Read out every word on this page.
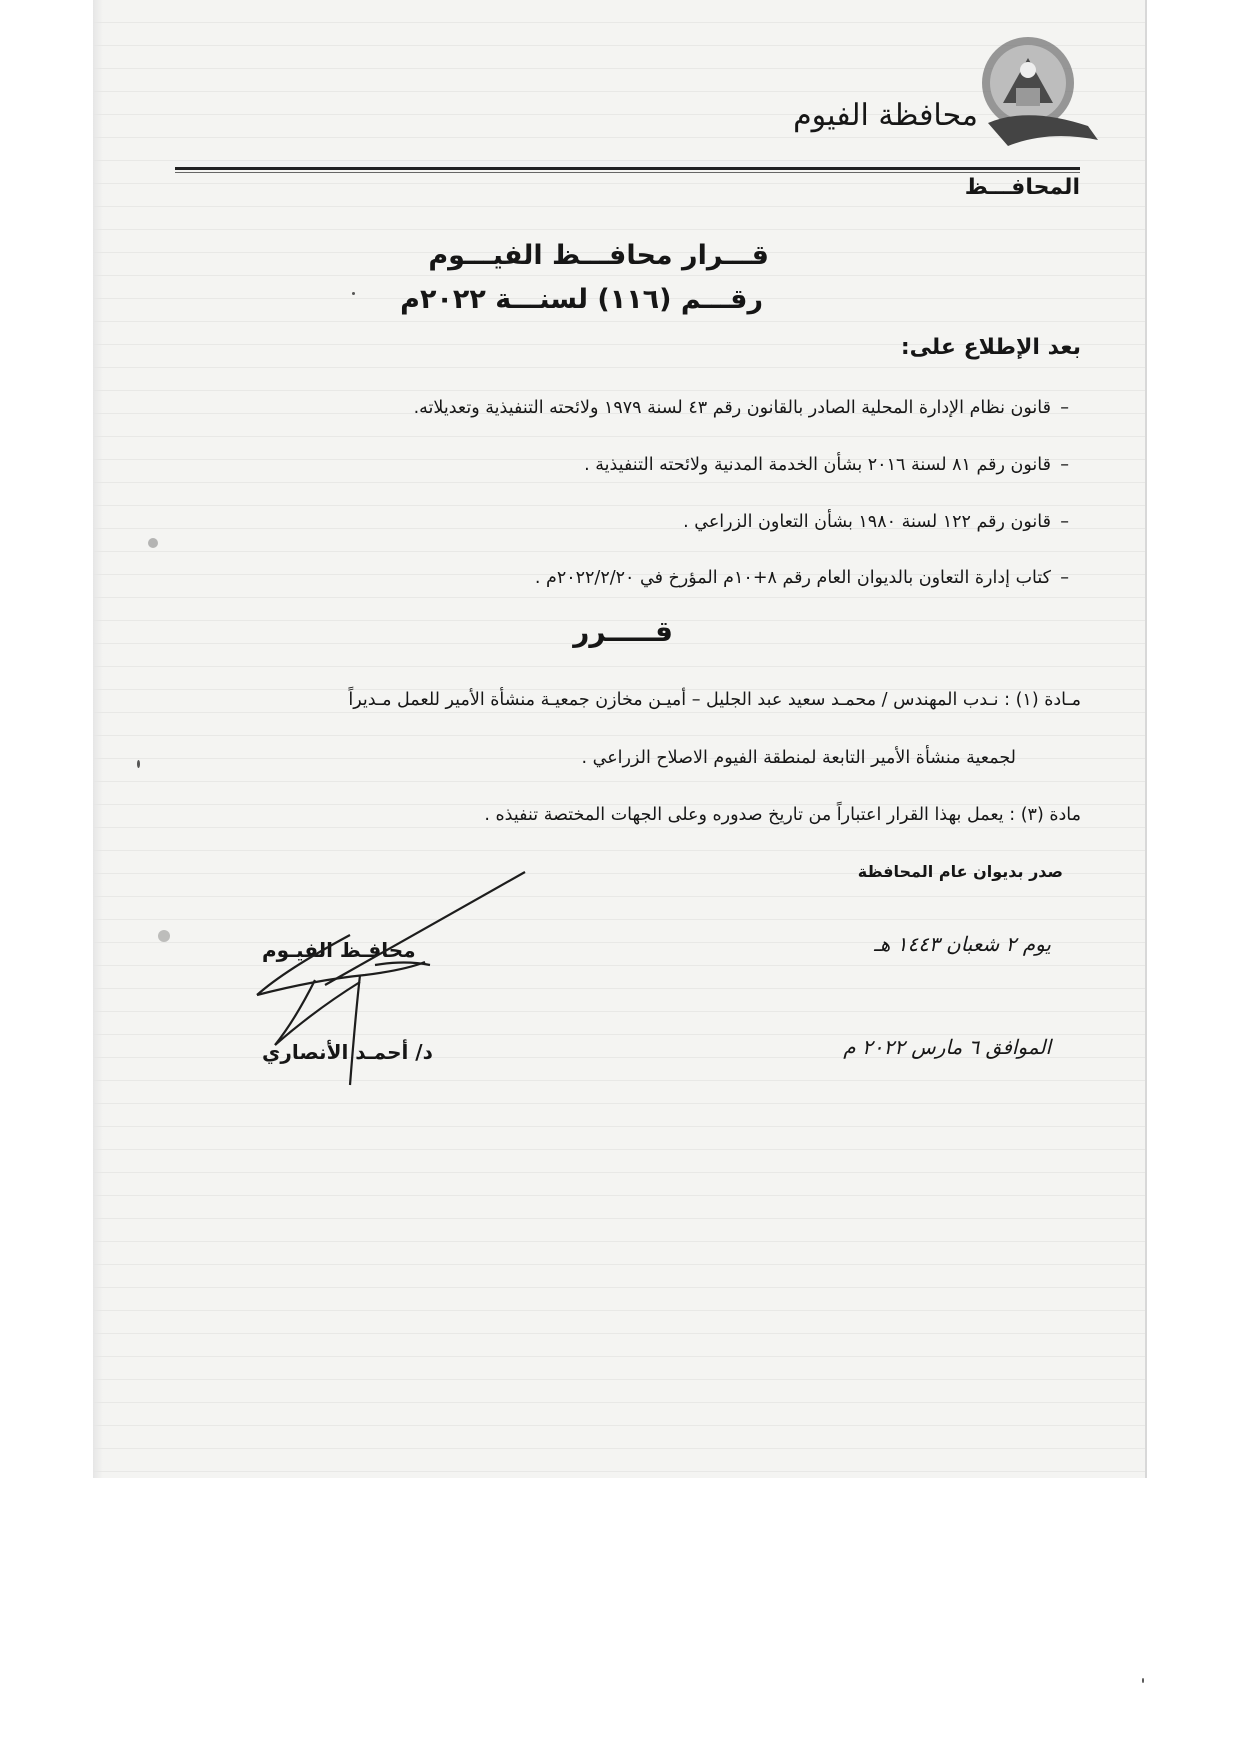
محافظة الفيوم
المحافـــظ
قـــرار محافـــظ الفيـــوم
رقـــم (١١٦) لسنـــة ٢٠٢٢م
بعد الإطلاع على:
–
قانون نظام الإدارة المحلية الصادر بالقانون رقم ٤٣ لسنة ١٩٧٩ ولائحته التنفيذية وتعديلاته.
–
قانون رقم ٨١ لسنة ٢٠١٦ بشأن الخدمة المدنية ولائحته التنفيذية .
–
قانون رقم ١٢٢ لسنة ١٩٨٠ بشأن التعاون الزراعي .
–
كتاب إدارة التعاون بالديوان العام رقم ٨+١٠م المؤرخ في ٢٠٢٢/٢/٢٠م .
قـــــرر
مـادة (١) : نـدب المهندس / محمـد سعيد عبد الجليل – أميـن مخازن جمعيـة منشأة الأمير للعمل مـديراً
لجمعية منشأة الأمير التابعة لمنطقة الفيوم الاصلاح الزراعي .
مادة (٣) : يعمل بهذا القرار اعتباراً من تاريخ صدوره وعلى الجهات المختصة تنفيذه .
صدر بديوان عام المحافظة
يوم ٢ شعبان ١٤٤٣ هـ
الموافق ٦ مارس ٢٠٢٢ م
محافـظ الفيـوم
د/ أحمـد الأنصاري
